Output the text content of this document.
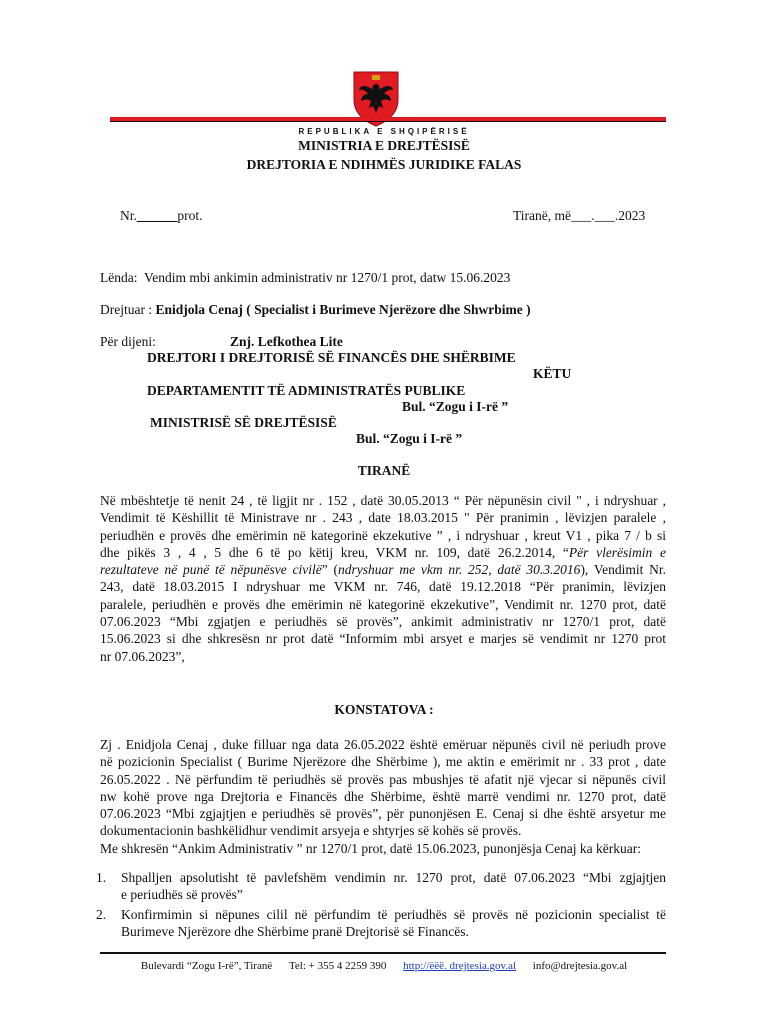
REPUBLIKA E SHQIPËRISË
MINISTRIA E DREJTËSISË
DREJTORIA E NDIHMËS JURIDIKE FALAS
Nr.______prot.	Tiranë, më___.___.2023
Lënda: Vendim mbi ankimin administrativ nr 1270/1 prot, datw 15.06.2023
Drejtuar : Enidjola Cenaj ( Specialist i Burimeve Njerëzore dhe Shwrbime )
Për dijeni:	Znj. Lefkothea Lite
DREJTORI I DREJTORISË SË FINANCËS DHE SHËRBIME
KËTU
DEPARTAMENTIT TË ADMINISTRATËS PUBLIKE
Bul. “Zogu i I-rë ”
MINISTRISË SË DREJTËSISË
Bul. “Zogu i I-rë ”
TIRANË
Në mbështetje të nenit 24 , të ligjit nr . 152 , datë 30.05.2013 “ Për nëpunësin civil " , i ndryshuar ,
Vendimit të Këshillit të Ministrave nr . 243 , date 18.03.2015 " Për pranimin , lëvizjen paralele ,
periudhën e provës dhe emërimin në kategorinë ekzekutive ” , i ndryshuar , kreut V1 , pika 7 / b si
dhe pikës 3 , 4 , 5 dhe 6 të po këtij kreu, VKM nr. 109, datë 26.2.2014, “Për vlerësimin e
rezultateve në punë të nëpunësve civilë” (ndryshuar me vkm nr. 252, datë 30.3.2016), Vendimit Nr.
243, datë 18.03.2015 I ndryshuar me VKM nr. 746, datë 19.12.2018 “Për pranimin, lëvizjen
paralele, periudhën e provës dhe emërimin në kategorinë ekzekutive”, Vendimit nr. 1270 prot, datë
07.06.2023 “Mbi zgjatjen e periudhës së provës”, ankimit administrativ nr 1270/1 prot, datë
15.06.2023 si dhe shkresësn nr prot datë “Informim mbi arsyet e marjes së vendimit nr 1270 prot
nr 07.06.2023”,
KONSTATOVA :
Zj . Enidjola Cenaj , duke filluar nga data 26.05.2022 është emëruar nëpunës civil në periudh prove
në pozicionin Specialist ( Burime Njerëzore dhe Shërbime ), me aktin e emërimit nr . 33 prot , date
26.05.2022 . Në përfundim të periudhës së provës pas mbushjes të afatit një vjecar si nëpunës civil
nw kohë prove nga Drejtoria e Financës dhe Shërbime, është marrë vendimi nr. 1270 prot, datë
07.06.2023 “Mbi zgjajtjen e periudhës së provës”, për punonjësen E. Cenaj si dhe është arsyetur me
dokumentacionin bashkëlidhur vendimit arsyeja e shtyrjes së kohës së provës.
Me shkresën “Ankim Administrativ ” nr 1270/1 prot, datë 15.06.2023, punonjësja Cenaj ka kërkuar:
1. Shpalljen apsolutisht të pavlefshëm vendimin nr. 1270 prot, datë 07.06.2023 “Mbi zgjajtjen
e periudhës së provës”
2. Konfirmimin si nëpunes cilil në përfundim të periudhës së provës në pozicionin specialist të
Burimeve Njerëzore dhe Shërbime pranë Drejtorisë së Financës.
Bulevardi “Zogu I-rë”, Tiranë Tel: + 355 4 2259 390 http://ëëë. drejtesia.gov.al info@drejtesia.gov.al
